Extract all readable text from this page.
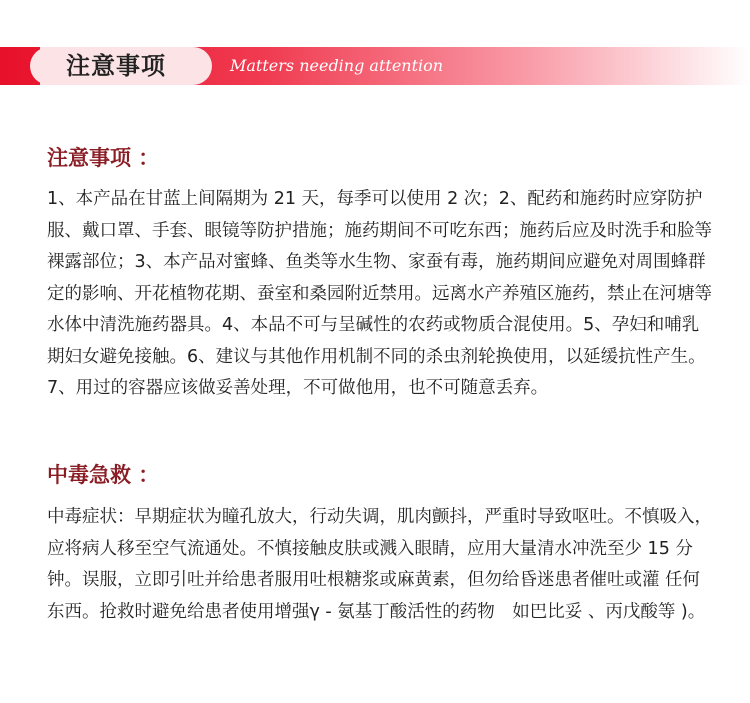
注意事项	Matters needing attention
注意事项 ：
1、本产品在甘蓝上间隔期为 21 天，每季可以使用 2 次；2、配药和施药时应穿防护服、戴口罩、手套、眼镜等防护措施；施药期间不可吃东西；施药后应及时洗手和脸等裸露部位；3、本产品对蜜蜂、鱼类等水生物、家蚕有毒，施药期间应避免对周围蜂群定的影响、开花植物花期、蚕室和桑园附近禁用。远离水产养殖区施药，禁止在河塘等水体中清洗施药器具。4、本品不可与呈碱性的农药或物质合混使用。5、孕妇和哺乳期妇女避免接触。6、建议与其他作用机制不同的杀虫剂轮换使用，以延缓抗性产生。7、用过的容器应该做妥善处理，不可做他用，也不可随意丢弃。
中毒急救 ：
中毒症状：早期症状为瞳孔放大，行动失调，肌肉颤抖，严重时导致呕吐。不慎吸入，应将病人移至空气流通处。不慎接触皮肤或溅入眼睛，应用大量清水冲洗至少 15 分钟。误服，立即引吐并给患者服用吐根糖浆或麻黄素，但勿给昏迷患者催吐或灌 任何东西。抢救时避免给患者使用增强γ - 氨基丁酸活性的药物　如巴比妥 、丙戊酸等 )。
